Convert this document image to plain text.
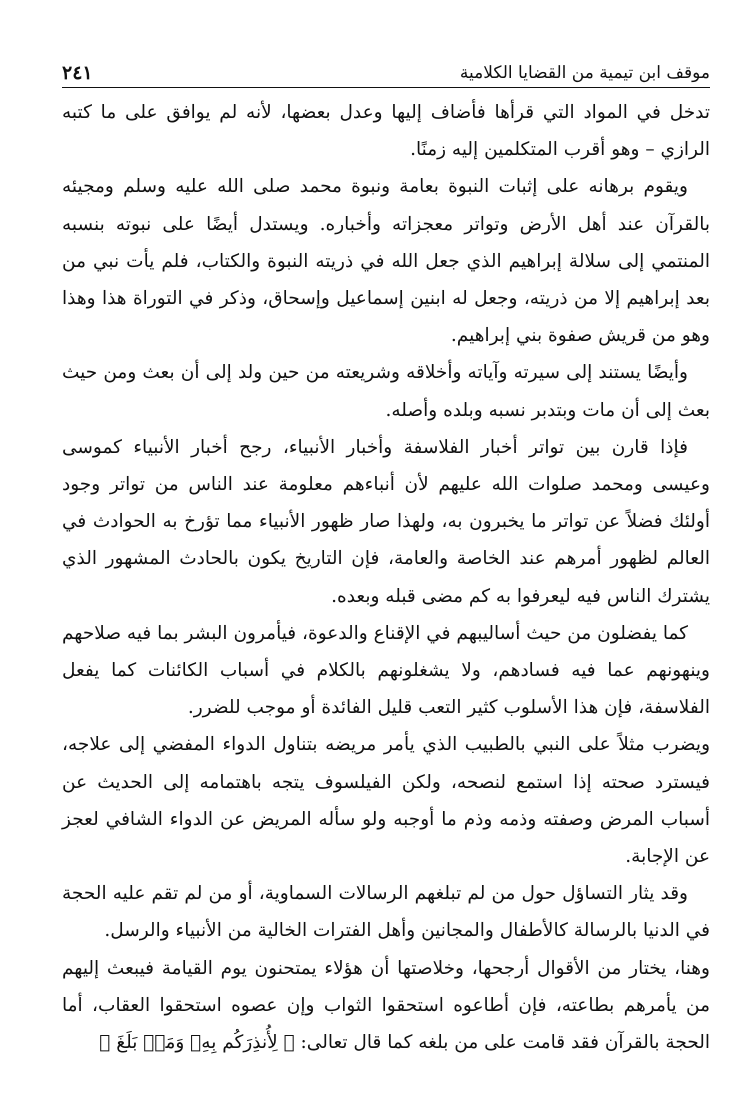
موقف ابن تيمية من القضايا الكلامية
٢٤١

تدخل في المواد التي قرأها فأضاف إليها وعدل بعضها، لأنه لم يوافق على ما كتبه الرازي – وهو أقرب المتكلمين إليه زمنًا.

ويقوم برهانه على إثبات النبوة بعامة ونبوة محمد صلى الله عليه وسلم ومجيئه بالقرآن عند أهل الأرض وتواتر معجزاته وأخباره. ويستدل أيضًا على نبوته بنسبه المنتمي إلى سلالة إبراهيم الذي جعل الله في ذريته النبوة والكتاب، فلم يأت نبي من بعد إبراهيم إلا من ذريته، وجعل له ابنين إسماعيل وإسحاق، وذكر في التوراة هذا وهذا وهو من قريش صفوة بني إبراهيم.

وأيضًا يستند إلى سيرته وآياته وأخلاقه وشريعته من حين ولد إلى أن بعث ومن حيث بعث إلى أن مات وبتدبر نسبه وبلده وأصله.

فإذا قارن بين تواتر أخبار الفلاسفة وأخبار الأنبياء، رجح أخبار الأنبياء كموسى وعيسى ومحمد صلوات الله عليهم لأن أنباءهم معلومة عند الناس من تواتر وجود أولئك فضلاً عن تواتر ما يخبرون به، ولهذا صار ظهور الأنبياء مما تؤرخ به الحوادث في العالم لظهور أمرهم عند الخاصة والعامة، فإن التاريخ يكون بالحادث المشهور الذي يشترك الناس فيه ليعرفوا به كم مضى قبله وبعده.

كما يفضلون من حيث أساليبهم في الإقناع والدعوة، فيأمرون البشر بما فيه صلاحهم وينهونهم عما فيه فسادهم، ولا يشغلونهم بالكلام في أسباب الكائنات كما يفعل الفلاسفة، فإن هذا الأسلوب كثير التعب قليل الفائدة أو موجب للضرر.

ويضرب مثلاً على النبي بالطبيب الذي يأمر مريضه بتناول الدواء المفضي إلى علاجه، فيسترد صحته إذا استمع لنصحه، ولكن الفيلسوف يتجه باهتمامه إلى الحديث عن أسباب المرض وصفته وذمه وذم ما أوجبه ولو سأله المريض عن الدواء الشافي لعجز عن الإجابة.

وقد يثار التساؤل حول من لم تبلغهم الرسالات السماوية، أو من لم تقم عليه الحجة في الدنيا بالرسالة كالأطفال والمجانين وأهل الفترات الخالية من الأنبياء والرسل.

وهنا، يختار من الأقوال أرجحها، وخلاصتها أن هؤلاء يمتحنون يوم القيامة فيبعث إليهم من يأمرهم بطاعته، فإن أطاعوه استحقوا الثواب وإن عصوه استحقوا العقاب، أما الحجة بالقرآن فقد قامت على من بلغه كما قال تعالى: ﴿ لِأُنذِرَكُم بِهِۦ وَمَنۢ بَلَغَ ﴾
